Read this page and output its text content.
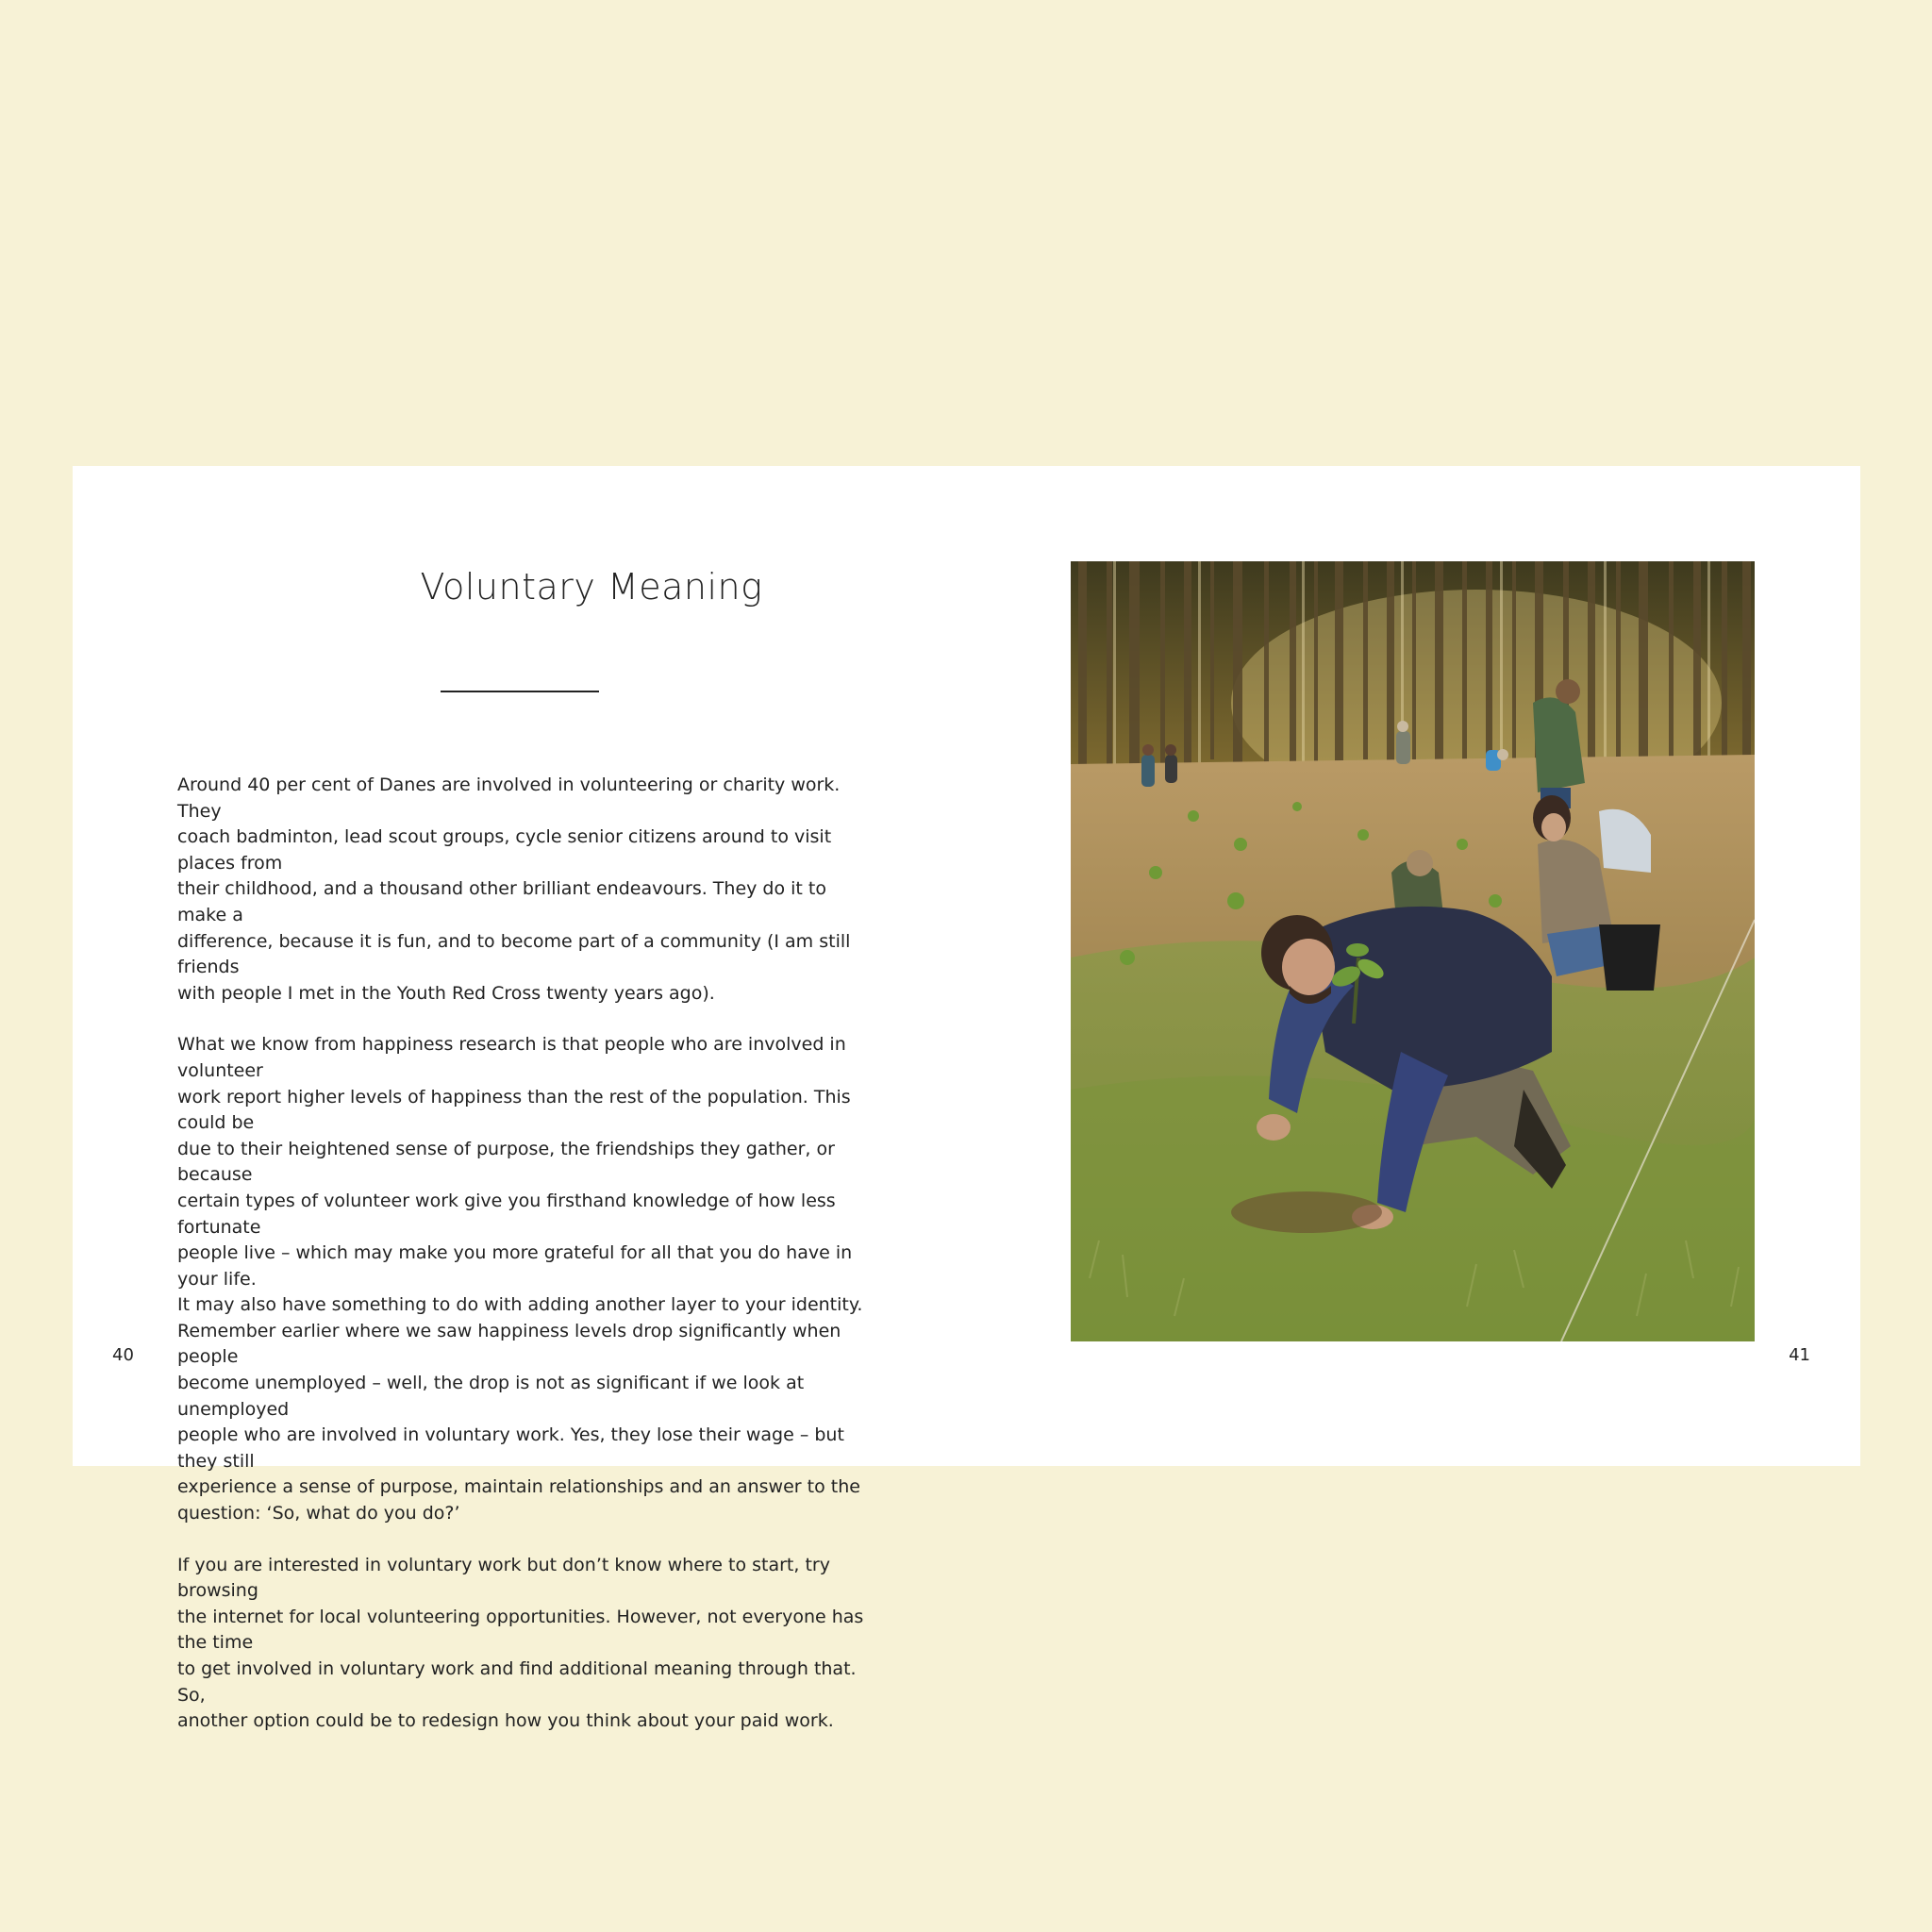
Voluntary Meaning

Around 40 per cent of Danes are involved in volunteering or charity work. They
coach badminton, lead scout groups, cycle senior citizens around to visit places from
their childhood, and a thousand other brilliant endeavours. They do it to make a
difference, because it is fun, and to become part of a community (I am still friends
with people I met in the Youth Red Cross twenty years ago).

What we know from happiness research is that people who are involved in volunteer
work report higher levels of happiness than the rest of the population. This could be
due to their heightened sense of purpose, the friendships they gather, or because
certain types of volunteer work give you firsthand knowledge of how less fortunate
people live – which may make you more grateful for all that you do have in your life.
It may also have something to do with adding another layer to your identity.
Remember earlier where we saw happiness levels drop significantly when people
become unemployed – well, the drop is not as significant if we look at unemployed
people who are involved in voluntary work. Yes, they lose their wage – but they still
experience a sense of purpose, maintain relationships and an answer to the
question: ‘So, what do you do?’

If you are interested in voluntary work but don’t know where to start, try browsing
the internet for local volunteering opportunities. However, not everyone has the time
to get involved in voluntary work and find additional meaning through that. So,
another option could be to redesign how you think about your paid work.

40	41
